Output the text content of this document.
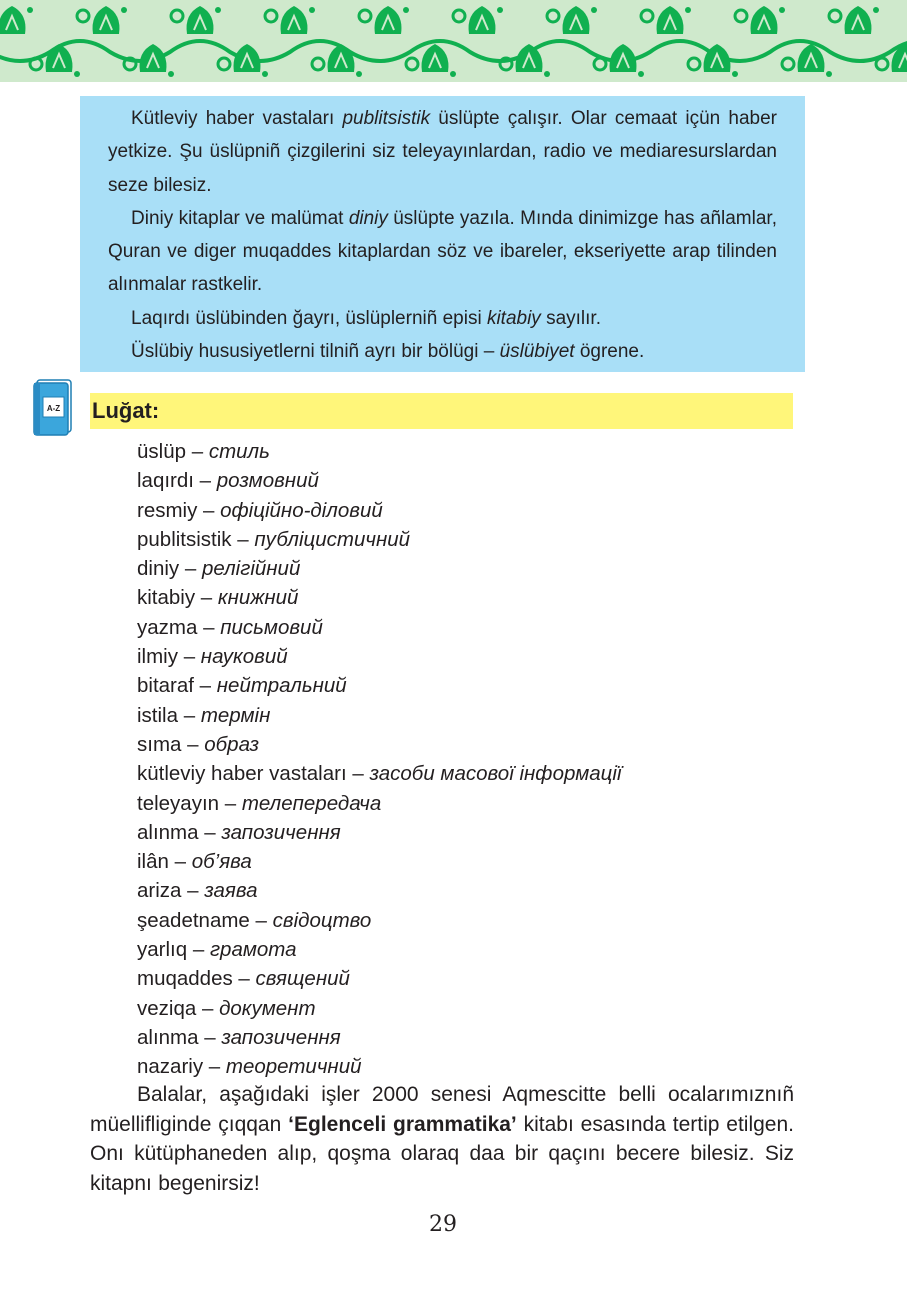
Kütleviy haber vastaları publitsistik üslüpte çalışır. Olar cemaat içün haber yetkize. Şu üslüpniñ çizgilerini siz teleyayınlardan, radio ve mediaresurslardan seze bilesiz.

Diniy kitaplar ve malümat diniy üslüpte yazıla. Mında dinimizge has añlamlar, Quran ve diger muqaddes kitaplardan söz ve ibareler, ekseriyette arap tilinden alınmalar rastkelir.

Laqırdı üslübinden ğayrı, üslüplerniñ episi kitabiy sayılır.

Üslübiy hususiyetlerni tilniñ ayrı bir bölügi – üslübiyet ögrene.

A-Z Luğat:
üslüp – стиль
laqırdı – розмовний
resmiy – офіційно-діловий
publitsistik – публіцистичний
diniy – релігійний
kitabiy – книжний
yazma – письмовий
ilmiy – науковий
bitaraf – нейтральний
istila – термін
sıma – образ
kütleviy haber vastaları – засоби масової інформації
teleyayın – телепередача
alınma – запозичення
ilân – об’ява
ariza – заява
şeadetname – свідоцтво
yarlıq – грамота
muqaddes – священий
veziqa – документ
alınma – запозичення
nazariy – теоретичний

Balalar, aşağıdaki işler 2000 senesi Aqmescitte belli ocalarımıznıñ müellifliginde çıqqan ‘Eglenceli grammatika’ kitabı esasında tertip etilgen. Onı kütüphaneden alıp, qoşma olaraq daa bir qaçını becere bilesiz. Siz kitapnı begenirsiz!

29
